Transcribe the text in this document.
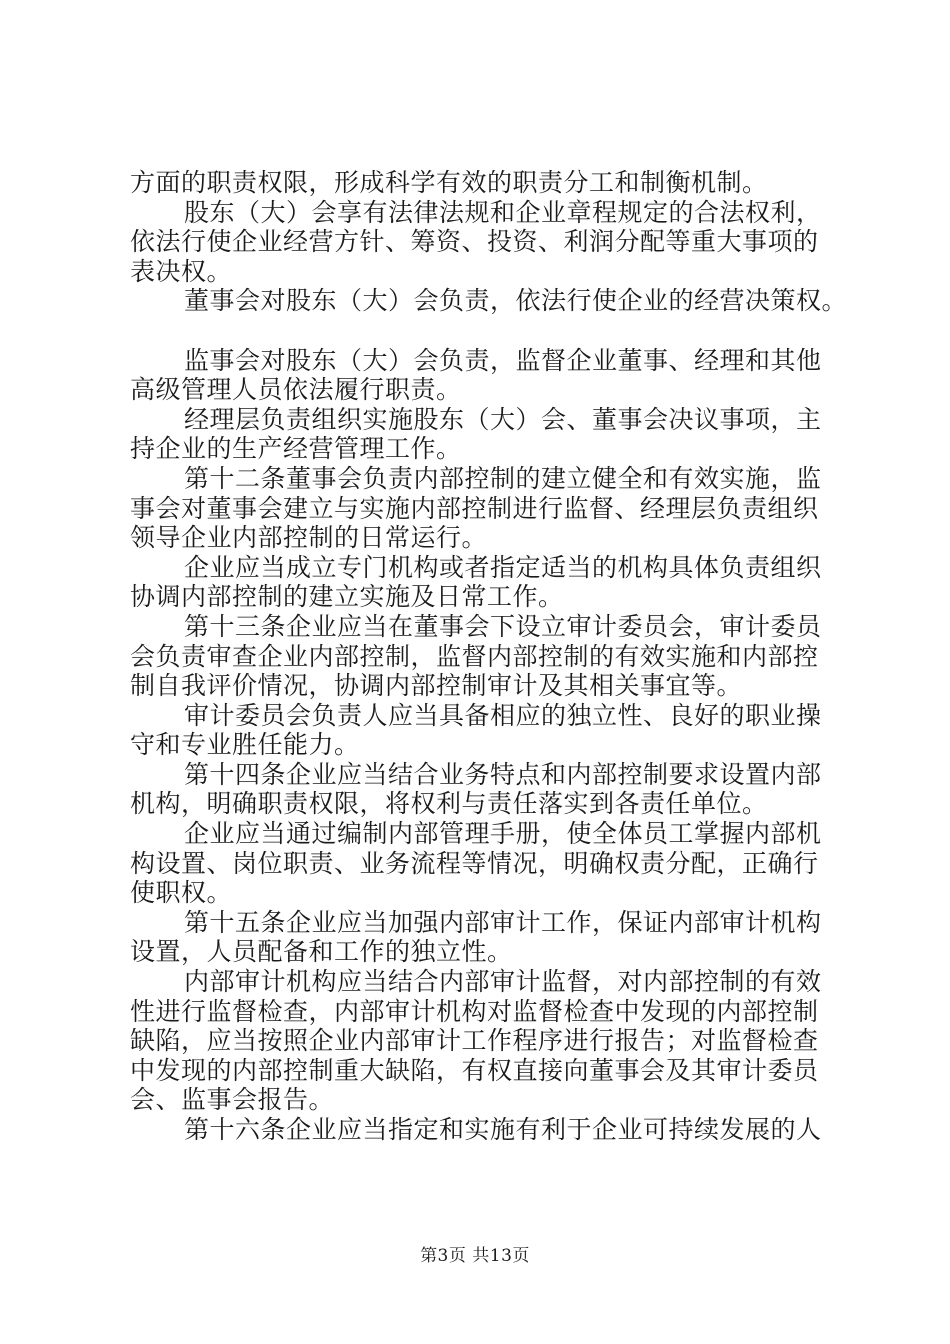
方面的职责权限，形成科学有效的职责分工和制衡机制。
股东（大）会享有法律法规和企业章程规定的合法权利，
依法行使企业经营方针、筹资、投资、利润分配等重大事项的
表决权。
董事会对股东（大）会负责，依法行使企业的经营决策权。
监事会对股东（大）会负责，监督企业董事、经理和其他
高级管理人员依法履行职责。
经理层负责组织实施股东（大）会、董事会决议事项，主
持企业的生产经营管理工作。
第十二条董事会负责内部控制的建立健全和有效实施，监
事会对董事会建立与实施内部控制进行监督、经理层负责组织
领导企业内部控制的日常运行。
企业应当成立专门机构或者指定适当的机构具体负责组织
协调内部控制的建立实施及日常工作。
第十三条企业应当在董事会下设立审计委员会，审计委员
会负责审查企业内部控制，监督内部控制的有效实施和内部控
制自我评价情况，协调内部控制审计及其相关事宜等。
审计委员会负责人应当具备相应的独立性、良好的职业操
守和专业胜任能力。
第十四条企业应当结合业务特点和内部控制要求设置内部
机构，明确职责权限，将权利与责任落实到各责任单位。
企业应当通过编制内部管理手册，使全体员工掌握内部机
构设置、岗位职责、业务流程等情况，明确权责分配，正确行
使职权。
第十五条企业应当加强内部审计工作，保证内部审计机构
设置，人员配备和工作的独立性。
内部审计机构应当结合内部审计监督，对内部控制的有效
性进行监督检查，内部审计机构对监督检查中发现的内部控制
缺陷，应当按照企业内部审计工作程序进行报告；对监督检查
中发现的内部控制重大缺陷，有权直接向董事会及其审计委员
会、监事会报告。
第十六条企业应当指定和实施有利于企业可持续发展的人
第3页 共13页
